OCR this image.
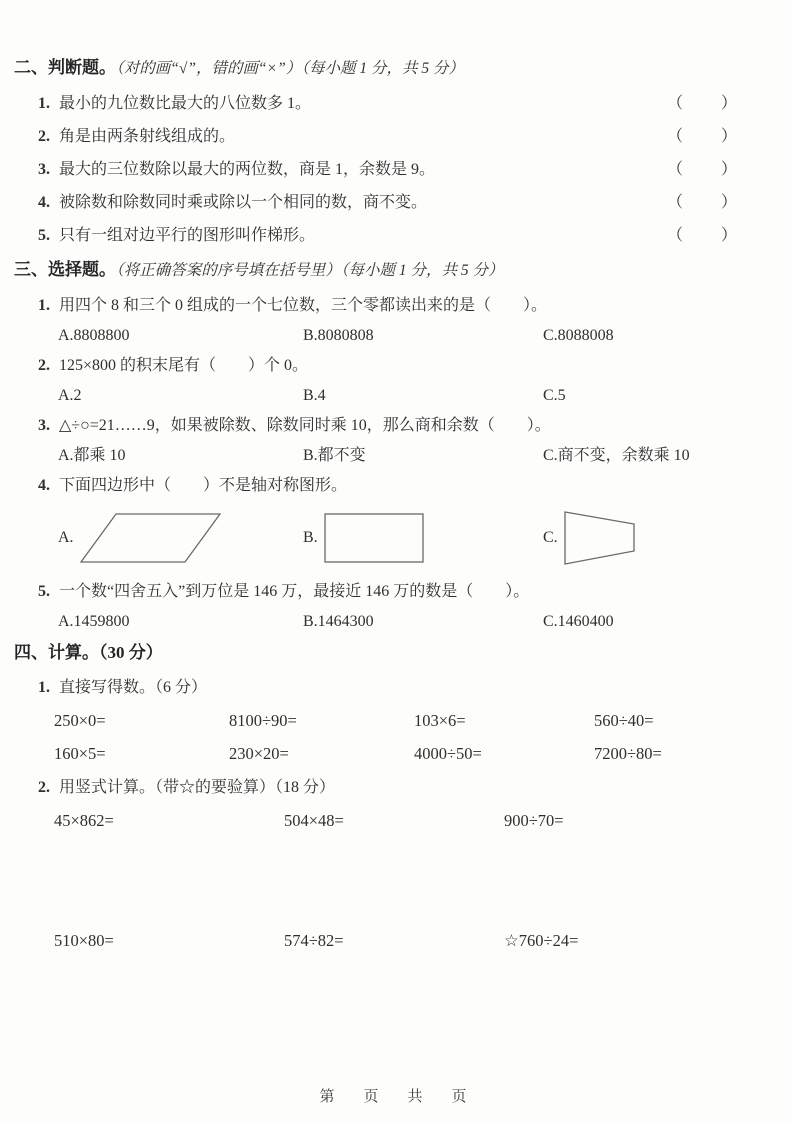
二、判断题。（对的画“√”，错的画“×”）（每小题 1 分，共 5 分）
1. 最小的九位数比最大的八位数多 1。	（　　）
2. 角是由两条射线组成的。	（　　）
3. 最大的三位数除以最大的两位数，商是 1，余数是 9。	（　　）
4. 被除数和除数同时乘或除以一个相同的数，商不变。	（　　）
5. 只有一组对边平行的图形叫作梯形。	（　　）
三、选择题。（将正确答案的序号填在括号里）（每小题 1 分，共 5 分）
1. 用四个 8 和三个 0 组成的一个七位数，三个零都读出来的是（　　）。
A.8808800	B.8080808	C.8088008
2. 125×800 的积末尾有（　　）个 0。
A.2	B.4	C.5
3. △÷○=21……9，如果被除数、除数同时乘 10，那么商和余数（　　）。
A.都乘 10	B.都不变	C.商不变，余数乘 10
4. 下面四边形中（　　）不是轴对称图形。
A.	B.	C.
5. 一个数“四舍五入”到万位是 146 万，最接近 146 万的数是（　　）。
A.1459800	B.1464300	C.1460400
四、计算。（30 分）
1. 直接写得数。（6 分）
250×0=	8100÷90=	103×6=	560÷40=
160×5=	230×20=	4000÷50=	7200÷80=
2. 用竖式计算。（带☆的要验算）（18 分）
45×862=	504×48=	900÷70=
510×80=	574÷82=	☆760÷24=
第　页　共　页
